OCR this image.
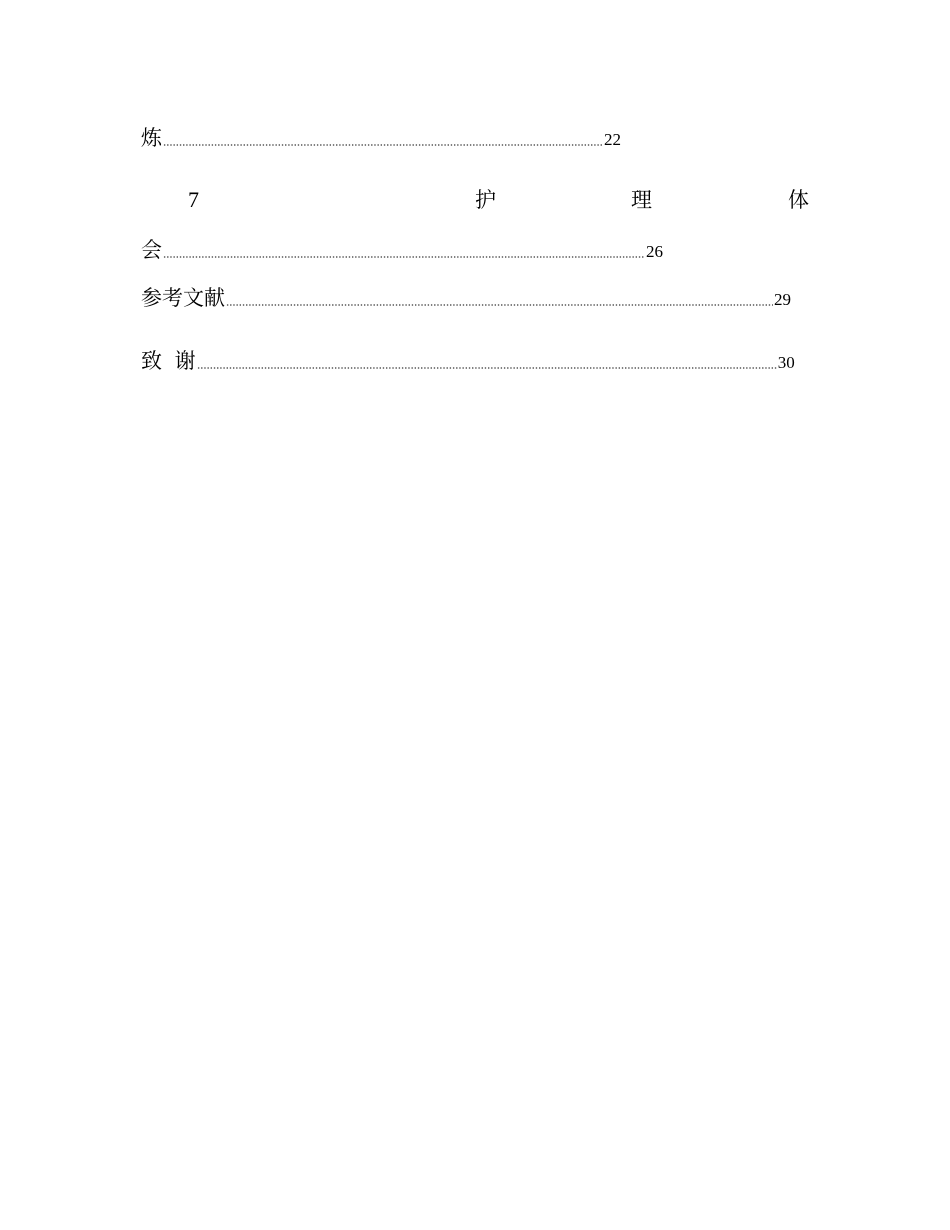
炼	22
7	护	理	体
会	26
参考文献	29
致 谢	30
